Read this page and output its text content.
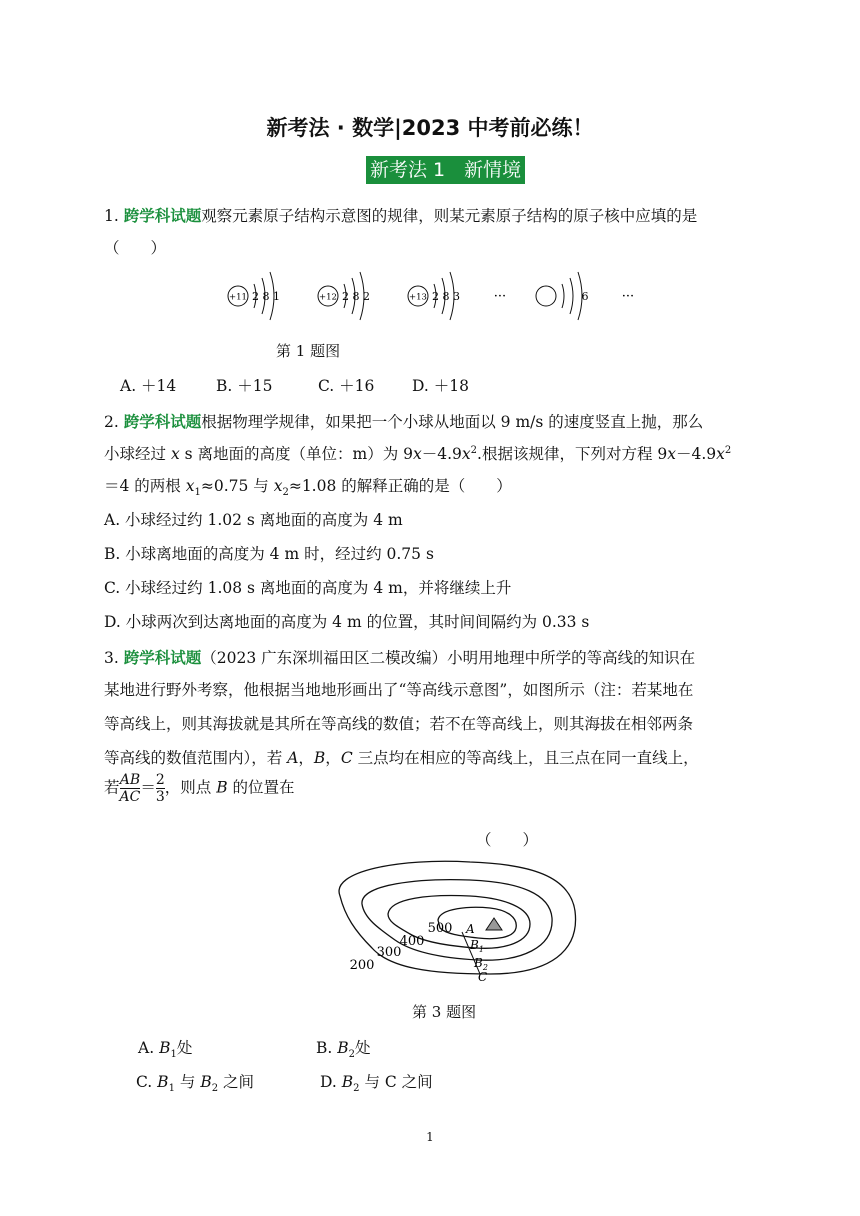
新考法 · 数学|2023 中考前必练！
新考法 1　新情境
1. 跨学科试题观察元素原子结构示意图的规律，则某元素原子结构的原子核中应填的是
（　　）
+11 2 8 1	+12 2 8 2	+13 2 8 3	···	6	···
第 1 题图
A. ＋14	B. ＋15	C. ＋16 D. ＋18
2. 跨学科试题根据物理学规律，如果把一个小球从地面以 9 m/s 的速度竖直上抛，那么
小球经过 x s 离地面的高度（单位：m）为 $9x-4.9x^2$.根据该规律，下列对方程 $9x-4.9x^2$
＝4 的两根 $x_1\approx 0.75$ 与 $x_2\approx 1.08$ 的解释正确的是（　　）
A. 小球经过约 1.02 s 离地面的高度为 4 m
B. 小球离地面的高度为 4 m 时，经过约 0.75 s
C. 小球经过约 1.08 s 离地面的高度为 4 m，并将继续上升
D. 小球两次到达离地面的高度为 4 m 的位置，其时间间隔约为 0.33 s
3. 跨学科试题（2023 广东深圳福田区二模改编）小明用地理中所学的等高线的知识在
某地进行野外考察，他根据当地地形画出了“等高线示意图”，如图所示（注：若某地在
等高线上，则其海拔就是其所在等高线的数值；若不在等高线上，则其海拔在相邻两条
等高线的数值范围内），若 A，B，C 三点均在相应的等高线上，且三点在同一直线上，
若 $\frac{AB}{AC} = \frac{2}{3}$ ，则点 B 的位置在
（　　）
500
400
300
200
A
$B_1$
$B_2$
C
第 3 题图
A. $B_1$处	B. $B_2$处
C. $B_1$ 与 $B_2$ 之间	D. $B_2$ 与 C 之间
1
